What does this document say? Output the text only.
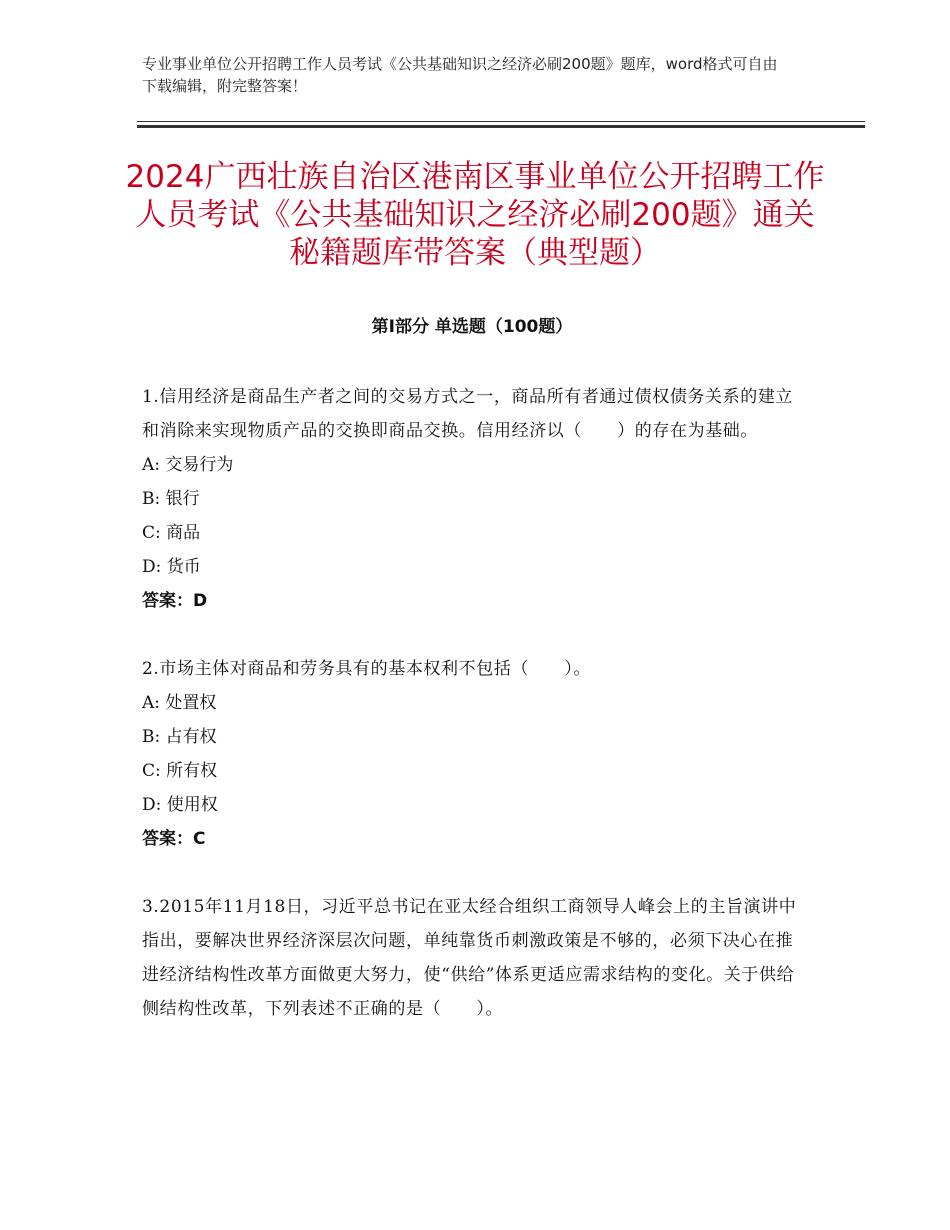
专业事业单位公开招聘工作人员考试《公共基础知识之经济必刷200题》题库，word格式可自由下载编辑，附完整答案！
2024广西壮族自治区港南区事业单位公开招聘工作人员考试《公共基础知识之经济必刷200题》通关秘籍题库带答案（典型题）
第Ⅰ部分 单选题（100题）

1.信用经济是商品生产者之间的交易方式之一，商品所有者通过债权债务关系的建立和消除来实现物质产品的交换即商品交换。信用经济以（　　）的存在为基础。

A: 交易行为

B: 银行

C: 商品

D: 货币

答案：D

2.市场主体对商品和劳务具有的基本权利不包括（　　）。

A: 处置权

B: 占有权

C: 所有权

D: 使用权

答案：C

3.2015年11月18日，习近平总书记在亚太经合组织工商领导人峰会上的主旨演讲中指出，要解决世界经济深层次问题，单纯靠货币刺激政策是不够的，必须下决心在推进经济结构性改革方面做更大努力，使“供给”体系更适应需求结构的变化。关于供给侧结构性改革，下列表述不正确的是（　　）。
